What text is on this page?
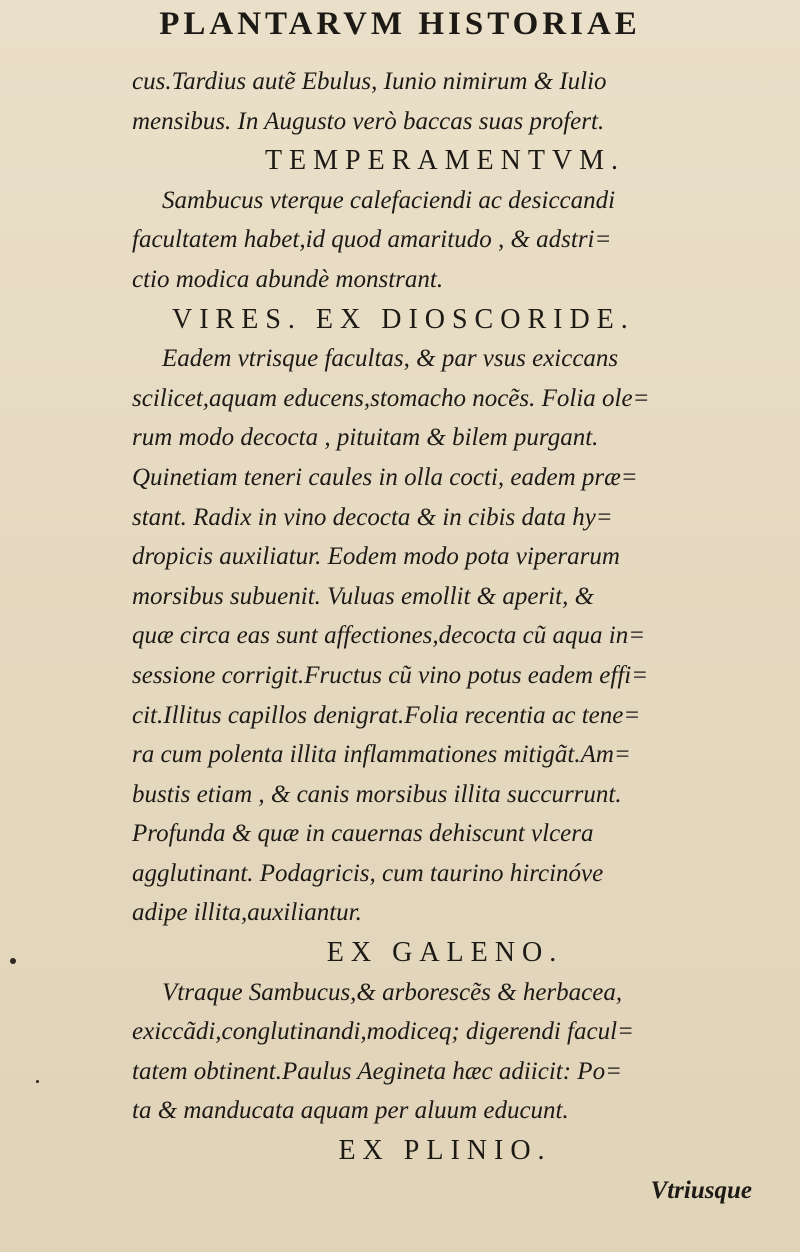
PLANTARVM HISTORIAE
cus.Tardius autẽ Ebulus, Iunio nimirum & Iulio
mensibus. In Augusto verò baccas suas profert.
TEMPERAMENTVM.
Sambucus vterque calefaciendi ac desiccandi
facultatem habet,id quod amaritudo , & adstri=
ctio modica abundè monstrant.
VIRES. EX DIOSCORIDE.
Eadem vtrisque facultas, & par vsus exiccans
scilicet,aquam educens,stomacho nocẽs. Folia ole=
rum modo decocta , pituitam & bilem purgant.
Quinetiam teneri caules in olla cocti, eadem præ=
stant. Radix in vino decocta & in cibis data hy=
dropicis auxiliatur. Eodem modo pota viperarum
morsibus subuenit. Vuluas emollit & aperit, &
quæ circa eas sunt affectiones,decocta cũ aqua in=
sessione corrigit.Fructus cũ vino potus eadem effi=
cit.Illitus capillos denigrat.Folia recentia ac tene=
ra cum polenta illita inflammationes mitigãt.Am=
bustis etiam , & canis morsibus illita succurrunt.
Profunda & quæ in cauernas dehiscunt vlcera
agglutinant. Podagricis, cum taurino hircinóve
adipe illita,auxiliantur.
EX GALENO.
Vtraque Sambucus,& arborescẽs & herbacea,
exiccãdi,conglutinandi,modiceq; digerendi facul=
tatem obtinent.Paulus Aegineta hæc adiicit: Po=
ta & manducata aquam per aluum educunt.
EX PLINIO.
Vtriusque
